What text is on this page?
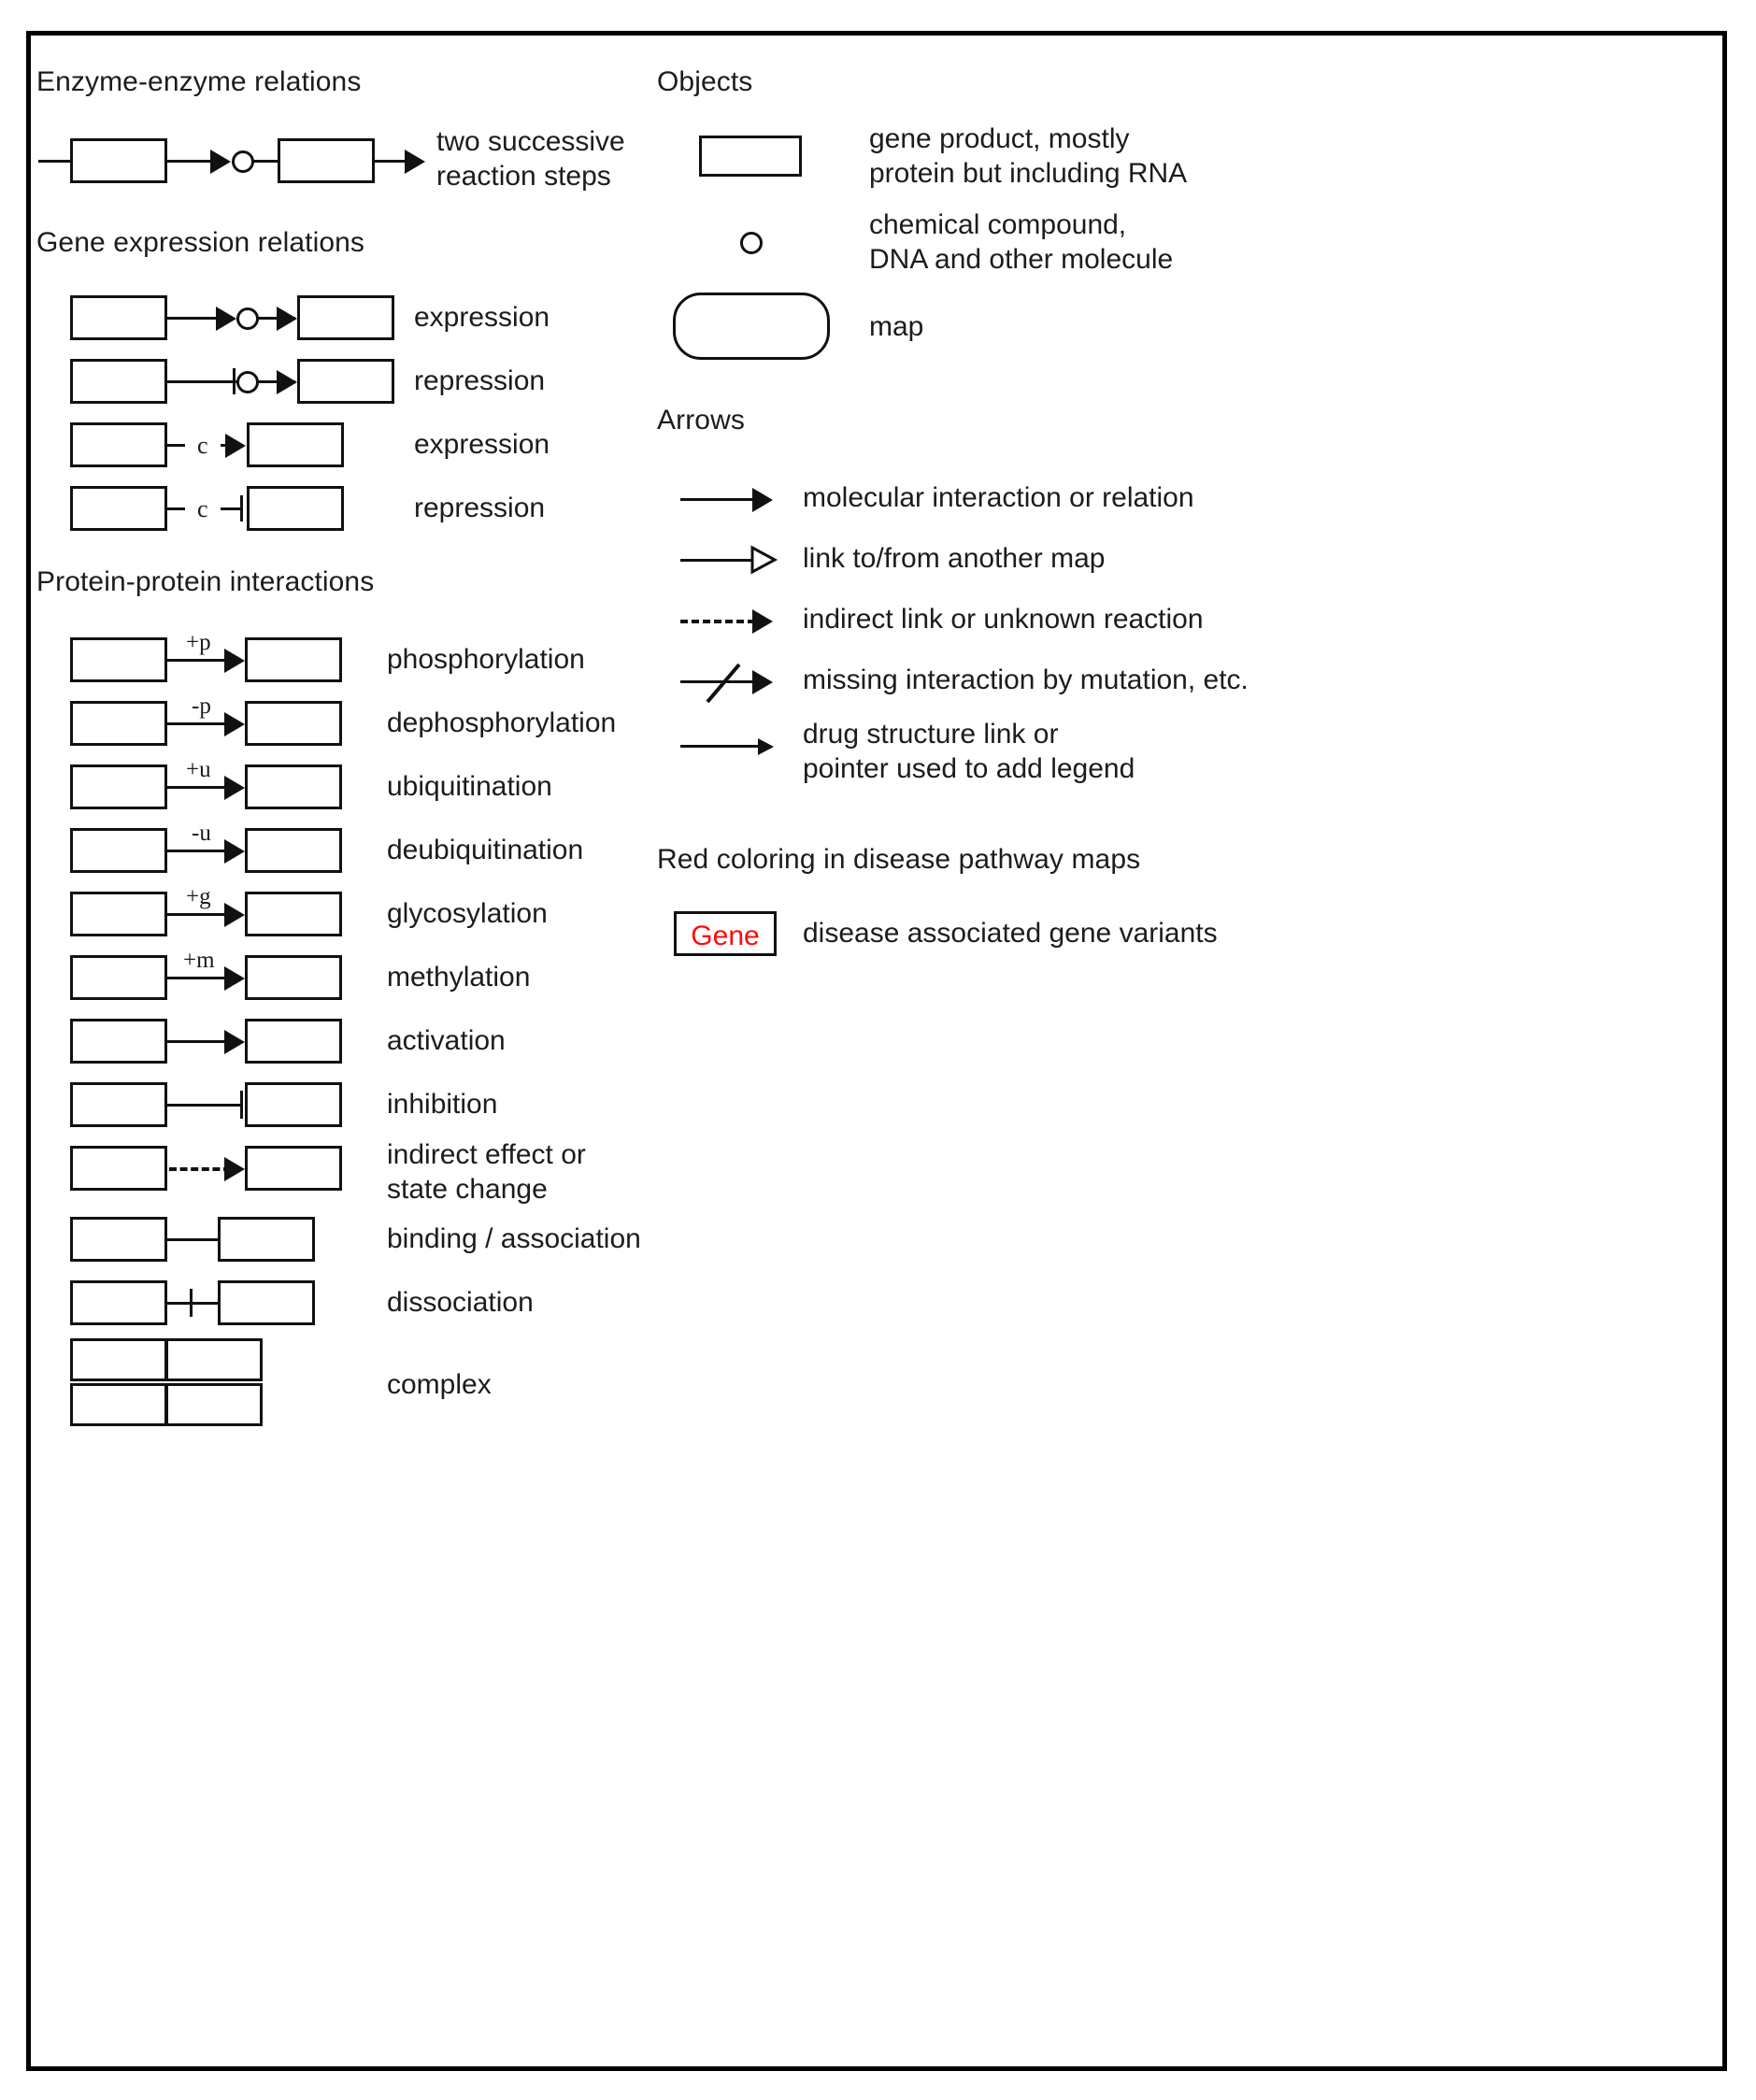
Enzyme-enzyme relations
two successive
reaction steps
Gene expression relations
expression
repression
c	expression
c	repression
Protein-protein interactions
+p
phosphorylation
-p
dephosphorylation
+u
ubiquitination
-u
deubiquitination
+g
glycosylation
+m
methylation
activation
inhibition
indirect effect or
state change
binding / association
dissociation
complex
Objects
gene product, mostly
protein but including RNA
chemical compound,
DNA and other molecule
map
Arrows
molecular interaction or relation
link to/from another map
indirect link or unknown reaction
missing interaction by mutation, etc.
drug structure link or
pointer used to add legend
Red coloring in disease pathway maps
Gene	disease associated gene variants
